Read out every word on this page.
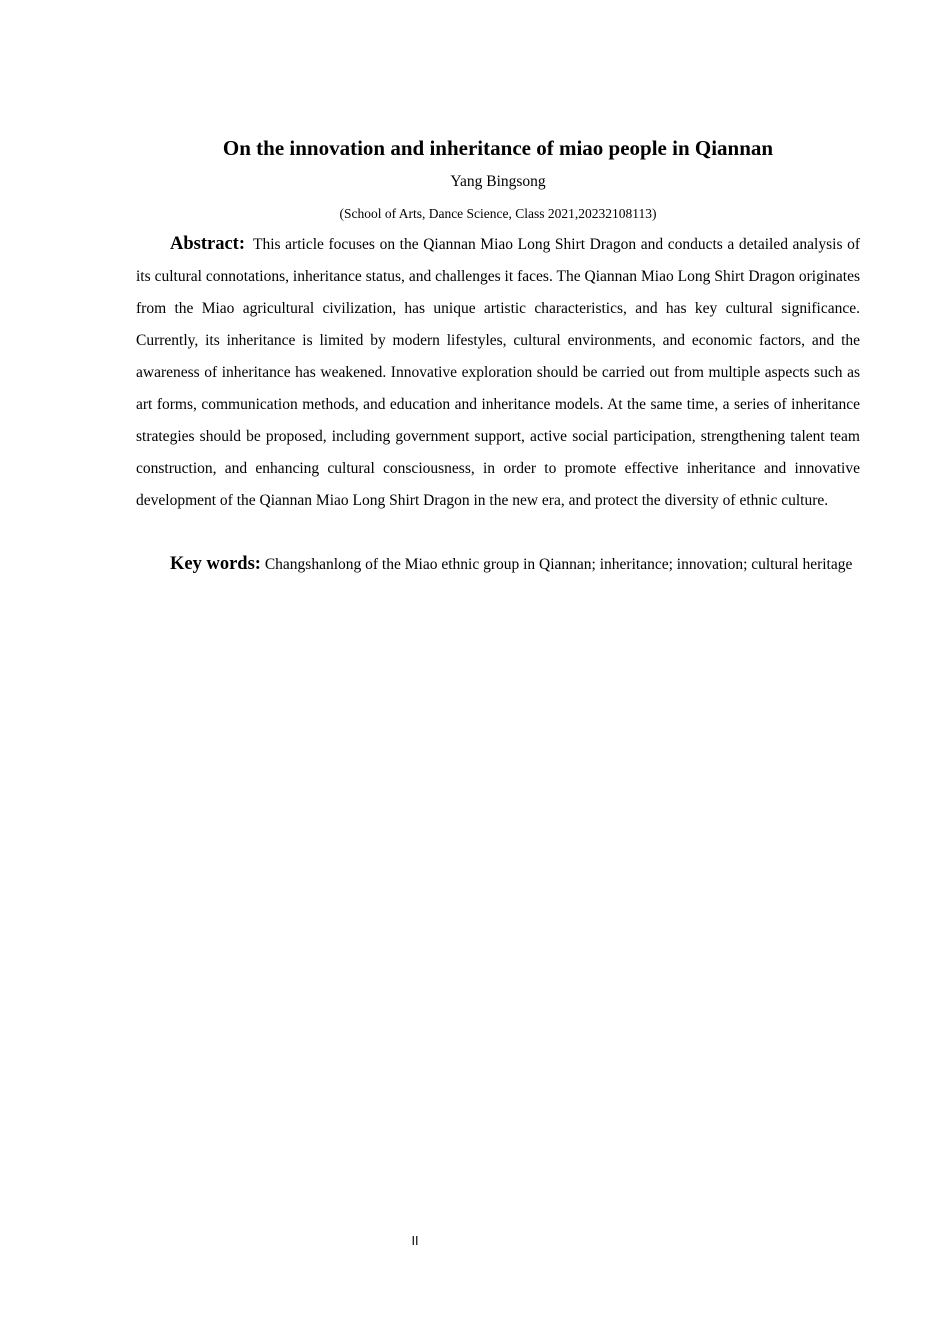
On the innovation and inheritance of miao people in Qiannan
Yang Bingsong
(School of Arts, Dance Science, Class 2021,20232108113)

Abstract: This article focuses on the Qiannan Miao Long Shirt Dragon and conducts a detailed analysis of its cultural connotations, inheritance status, and challenges it faces. The Qiannan Miao Long Shirt Dragon originates from the Miao agricultural civilization, has unique artistic characteristics, and has key cultural significance. Currently, its inheritance is limited by modern lifestyles, cultural environments, and economic factors, and the awareness of inheritance has weakened. Innovative exploration should be carried out from multiple aspects such as art forms, communication methods, and education and inheritance models. At the same time, a series of inheritance strategies should be proposed, including government support, active social participation, strengthening talent team construction, and enhancing cultural consciousness, in order to promote effective inheritance and innovative development of the Qiannan Miao Long Shirt Dragon in the new era, and protect the diversity of ethnic culture.

Key words: Changshanlong of the Miao ethnic group in Qiannan; inheritance; innovation; cultural heritage

II
